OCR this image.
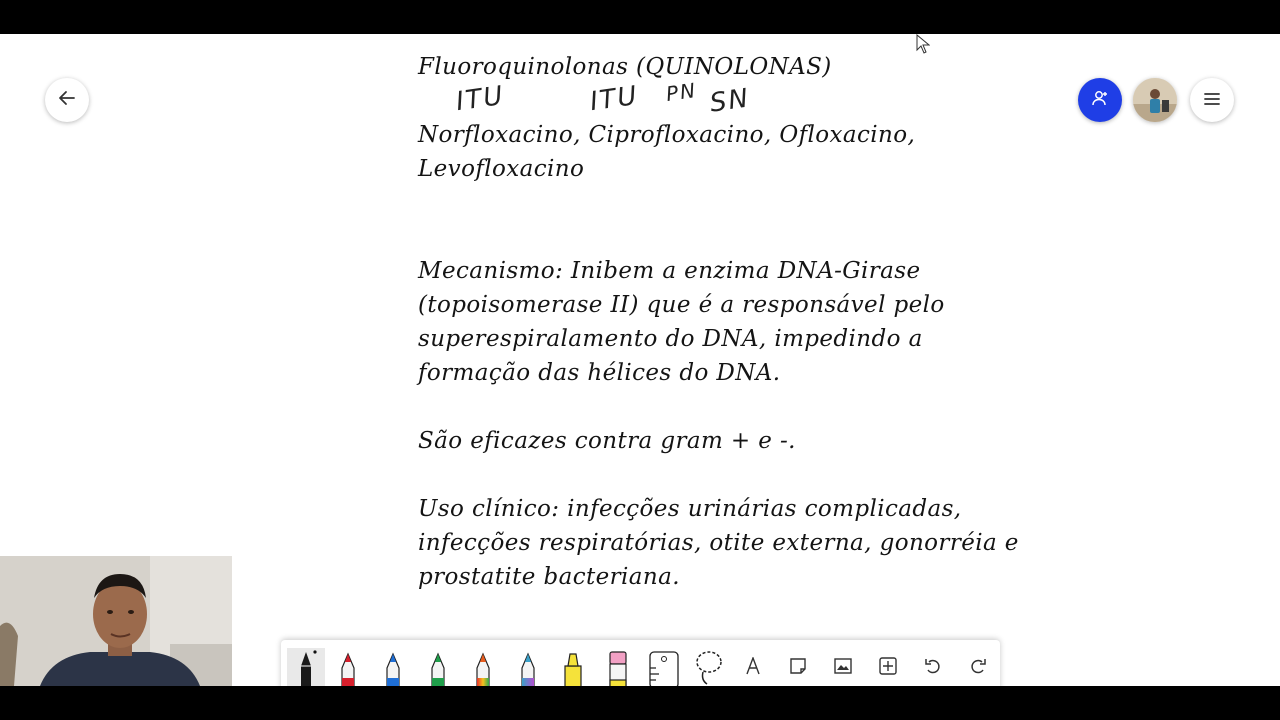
Fluoroquinolonas (QUINOLONAS)

ITU	ITU PN SN

Norfloxacino, Ciprofloxacino, Ofloxacino,

Levofloxacino

Mecanismo: Inibem a enzima DNA-Girase

(topoisomerase II) que é a responsável pelo

superespiralamento do DNA, impedindo a

formação das hélices do DNA.

São eficazes contra gram + e -.

Uso clínico: infecções urinárias complicadas,

infecções respiratórias, otite externa, gonorréia e

prostatite bacteriana.
